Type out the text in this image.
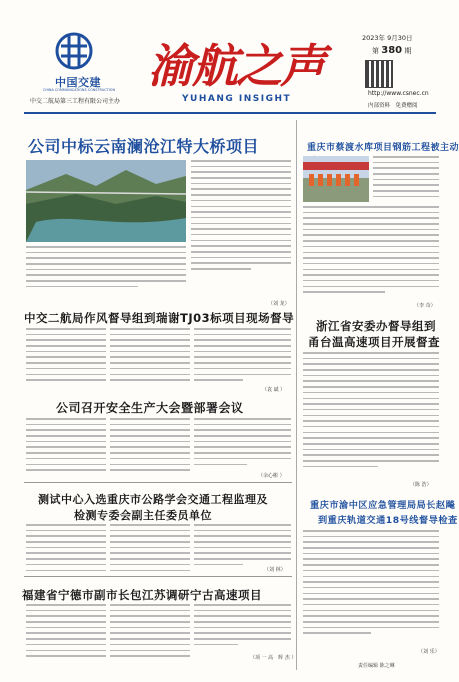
中国交建
CHINA COMMUNICATIONS CONSTRUCTION
中交二航局第三工程有限公司主办
渝航之声
YUHANG INSIGHT
2023年 9月30日
第 380 期
http://www.csnec.cn
内部资料　免费赠阅
公司中标云南澜沧江特大桥项目
（刘 龙）
中交二航局作风督导组到瑞谢TJ03标项目现场督导
（袁 斌 ）
公司召开安全生产大会暨部署会议
（余心彬 ）
测试中心入选重庆市公路学会交通工程监理及
检测专委会副主任委员单位
（刘 林）
福建省宁德市副市长包江苏调研宁古高速项目
（项 一 高　辉 杰 ）
重庆市蔡渡水库项目钢筋工程被主动
（李 奇）
浙江省安委办督导组到
甬台温高速项目开展督查
（陈 浩）
重庆市渝中区应急管理局局长赵飚
到重庆轨道交通18号线督导检查
（刘 乐）
责任编辑 陈之琳
